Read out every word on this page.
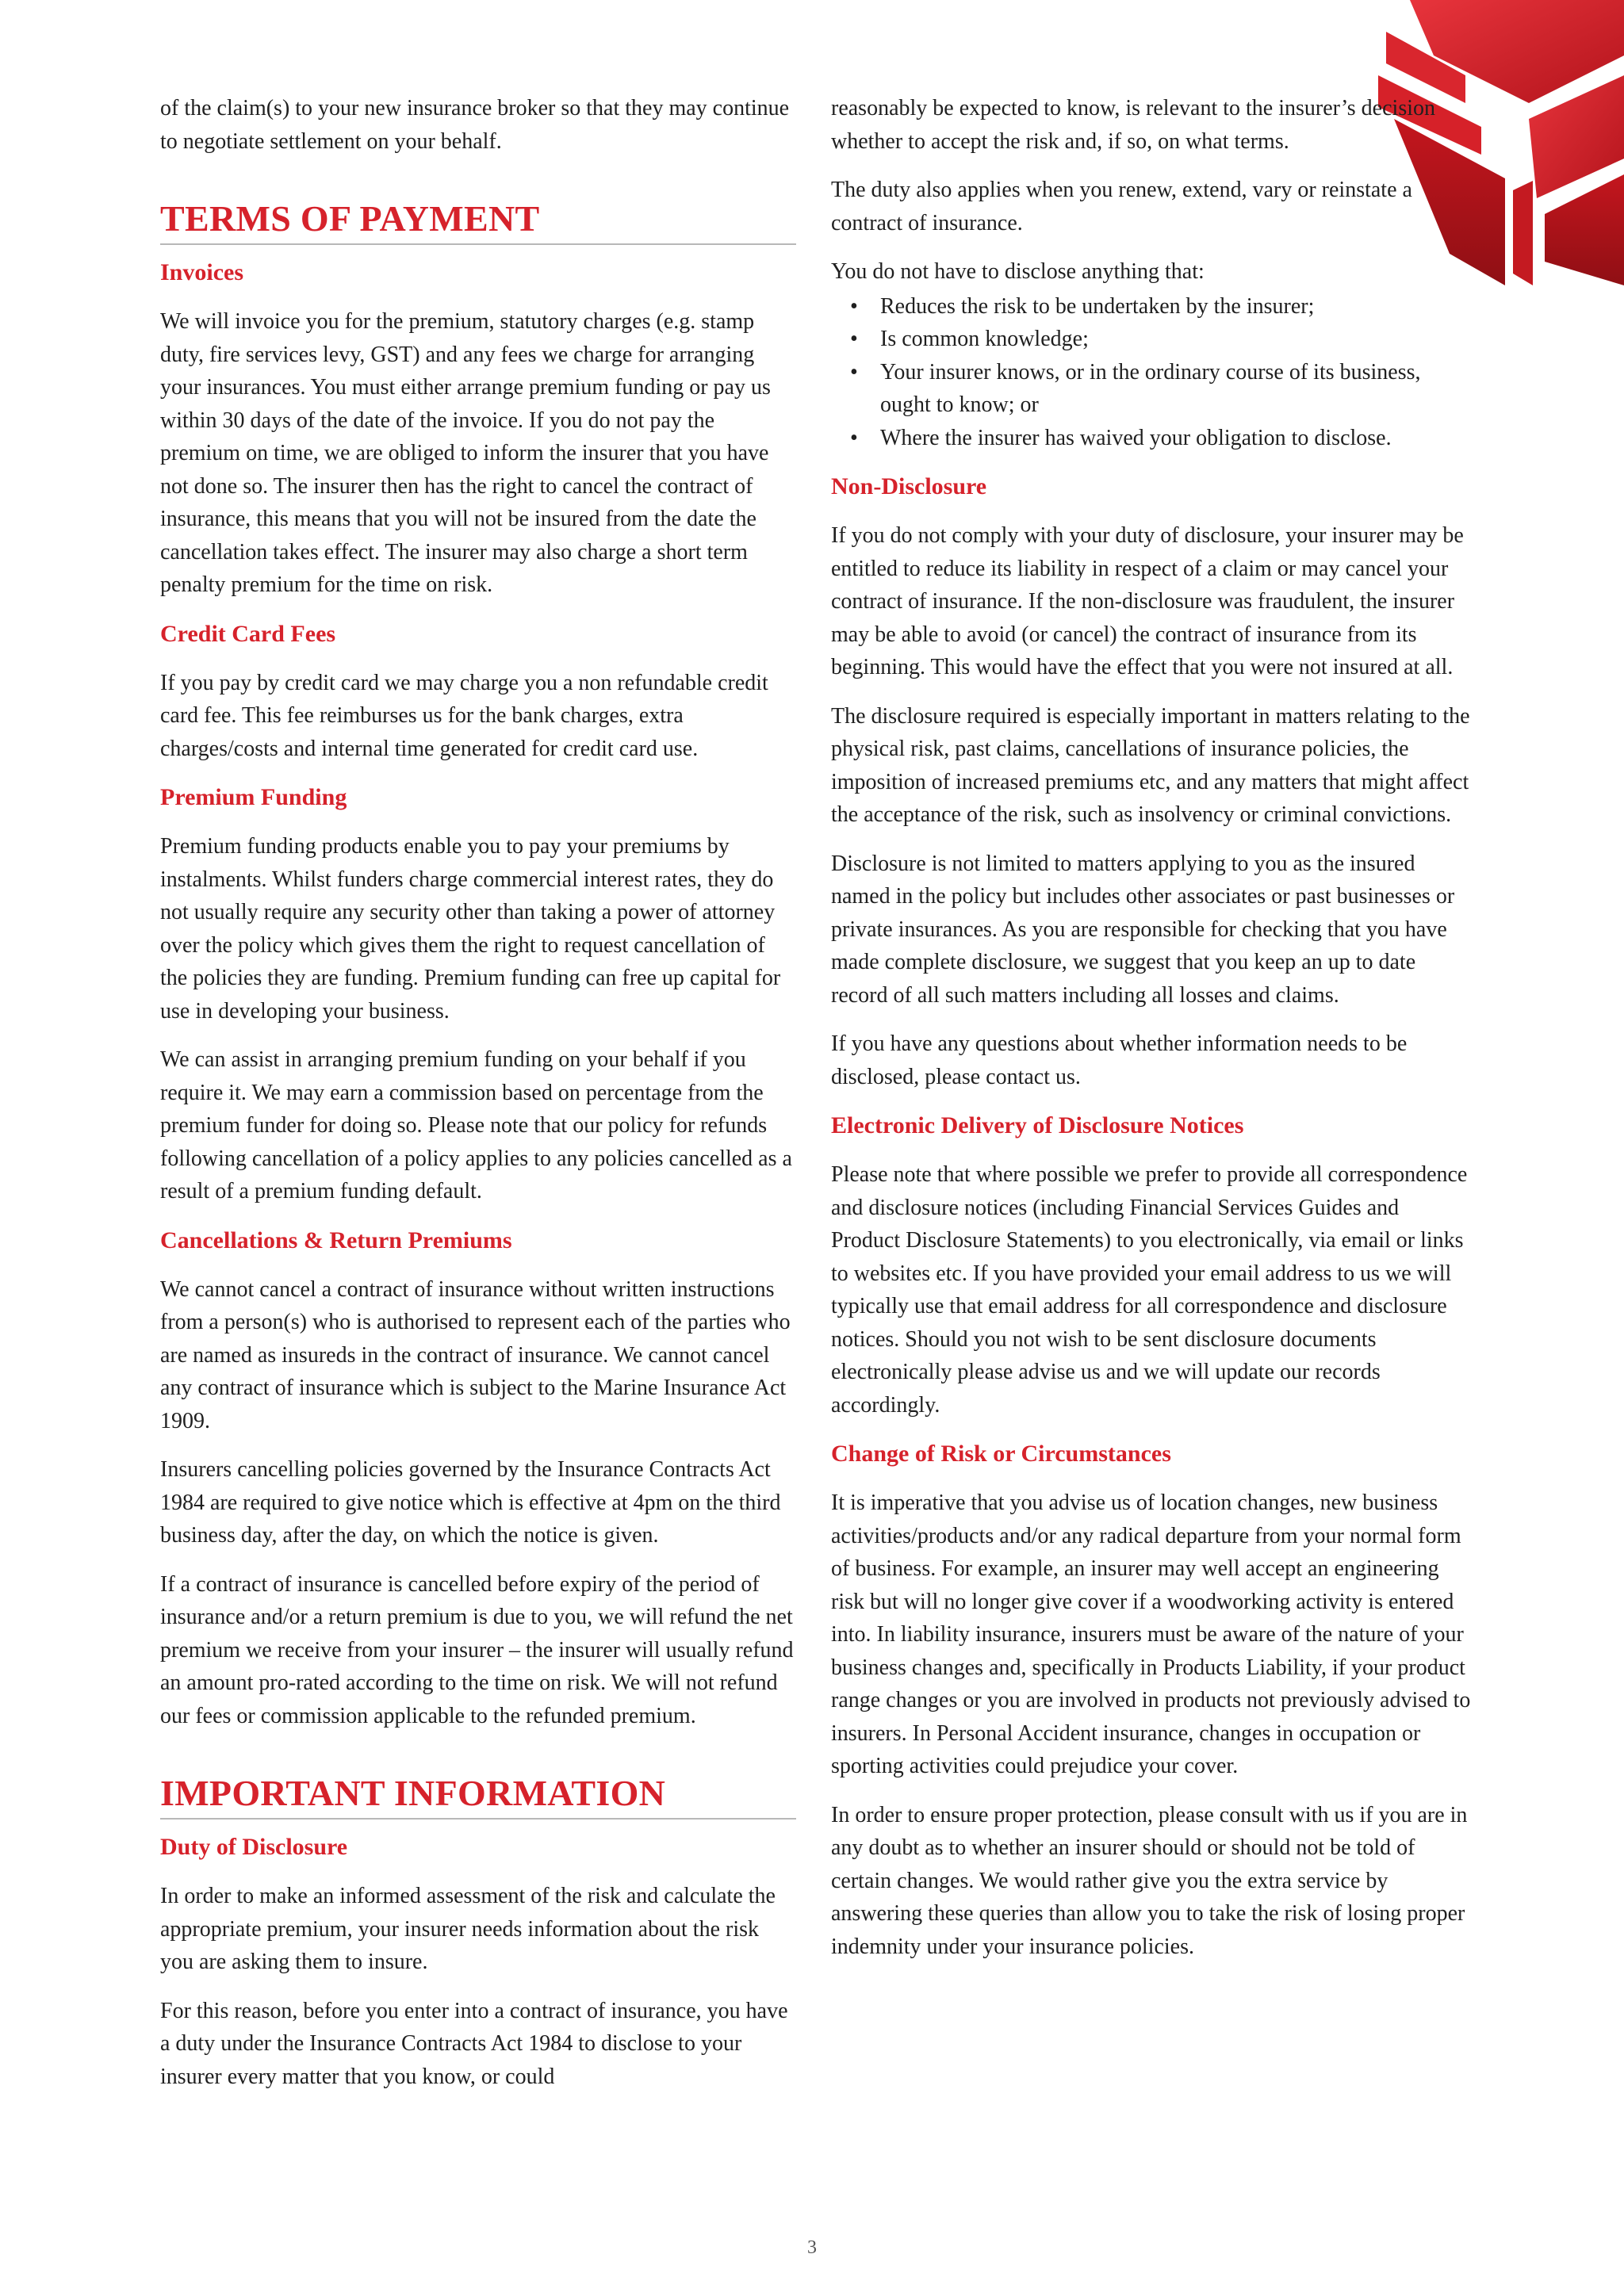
of the claim(s) to your new insurance broker so that they may continue to negotiate settlement on your behalf.

TERMS OF PAYMENT
Invoices

We will invoice you for the premium, statutory charges (e.g. stamp duty, fire services levy, GST) and any fees we charge for arranging your insurances. You must either arrange premium funding or pay us within 30 days of the date of the invoice. If you do not pay the premium on time, we are obliged to inform the insurer that you have not done so. The insurer then has the right to cancel the contract of insurance, this means that you will not be insured from the date the cancellation takes effect. The insurer may also charge a short term penalty premium for the time on risk.

Credit Card Fees

If you pay by credit card we may charge you a non refundable credit card fee. This fee reimburses us for the bank charges, extra charges/costs and internal time generated for credit card use.

Premium Funding

Premium funding products enable you to pay your premiums by instalments. Whilst funders charge commercial interest rates, they do not usually require any security other than taking a power of attorney over the policy which gives them the right to request cancellation of the policies they are funding. Premium funding can free up capital for use in developing your business.

We can assist in arranging premium funding on your behalf if you require it. We may earn a commission based on percentage from the premium funder for doing so. Please note that our policy for refunds following cancellation of a policy applies to any policies cancelled as a result of a premium funding default.

Cancellations & Return Premiums

We cannot cancel a contract of insurance without written instructions from a person(s) who is authorised to represent each of the parties who are named as insureds in the contract of insurance. We cannot cancel any contract of insurance which is subject to the Marine Insurance Act 1909.

Insurers cancelling policies governed by the Insurance Contracts Act 1984 are required to give notice which is effective at 4pm on the third business day, after the day, on which the notice is given.

If a contract of insurance is cancelled before expiry of the period of insurance and/or a return premium is due to you, we will refund the net premium we receive from your insurer – the insurer will usually refund an amount pro-rated according to the time on risk. We will not refund our fees or commission applicable to the refunded premium.

IMPORTANT INFORMATION
Duty of Disclosure

In order to make an informed assessment of the risk and calculate the appropriate premium, your insurer needs information about the risk you are asking them to insure.

For this reason, before you enter into a contract of insurance, you have a duty under the Insurance Contracts Act 1984 to disclose to your insurer every matter that you know, or could

reasonably be expected to know, is relevant to the insurer’s decision whether to accept the risk and, if so, on what terms.

The duty also applies when you renew, extend, vary or reinstate a contract of insurance.

You do not have to disclose anything that:

• Reduces the risk to be undertaken by the insurer;
• Is common knowledge;
• Your insurer knows, or in the ordinary course of its business, ought to know; or
• Where the insurer has waived your obligation to disclose.
Non-Disclosure

If you do not comply with your duty of disclosure, your insurer may be entitled to reduce its liability in respect of a claim or may cancel your contract of insurance. If the non-disclosure was fraudulent, the insurer may be able to avoid (or cancel) the contract of insurance from its beginning. This would have the effect that you were not insured at all.

The disclosure required is especially important in matters relating to the physical risk, past claims, cancellations of insurance policies, the imposition of increased premiums etc, and any matters that might affect the acceptance of the risk, such as insolvency or criminal convictions.

Disclosure is not limited to matters applying to you as the insured named in the policy but includes other associates or past businesses or private insurances. As you are responsible for checking that you have made complete disclosure, we suggest that you keep an up to date record of all such matters including all losses and claims.

If you have any questions about whether information needs to be disclosed, please contact us.

Electronic Delivery of Disclosure Notices

Please note that where possible we prefer to provide all correspondence and disclosure notices (including Financial Services Guides and Product Disclosure Statements) to you electronically, via email or links to websites etc. If you have provided your email address to us we will typically use that email address for all correspondence and disclosure notices. Should you not wish to be sent disclosure documents electronically please advise us and we will update our records accordingly.

Change of Risk or Circumstances

It is imperative that you advise us of location changes, new business activities/products and/or any radical departure from your normal form of business. For example, an insurer may well accept an engineering risk but will no longer give cover if a woodworking activity is entered into. In liability insurance, insurers must be aware of the nature of your business changes and, specifically in Products Liability, if your product range changes or you are involved in products not previously advised to insurers. In Personal Accident insurance, changes in occupation or sporting activities could prejudice your cover.

In order to ensure proper protection, please consult with us if you are in any doubt as to whether an insurer should or should not be told of certain changes. We would rather give you the extra service by answering these queries than allow you to take the risk of losing proper indemnity under your insurance policies.

3
